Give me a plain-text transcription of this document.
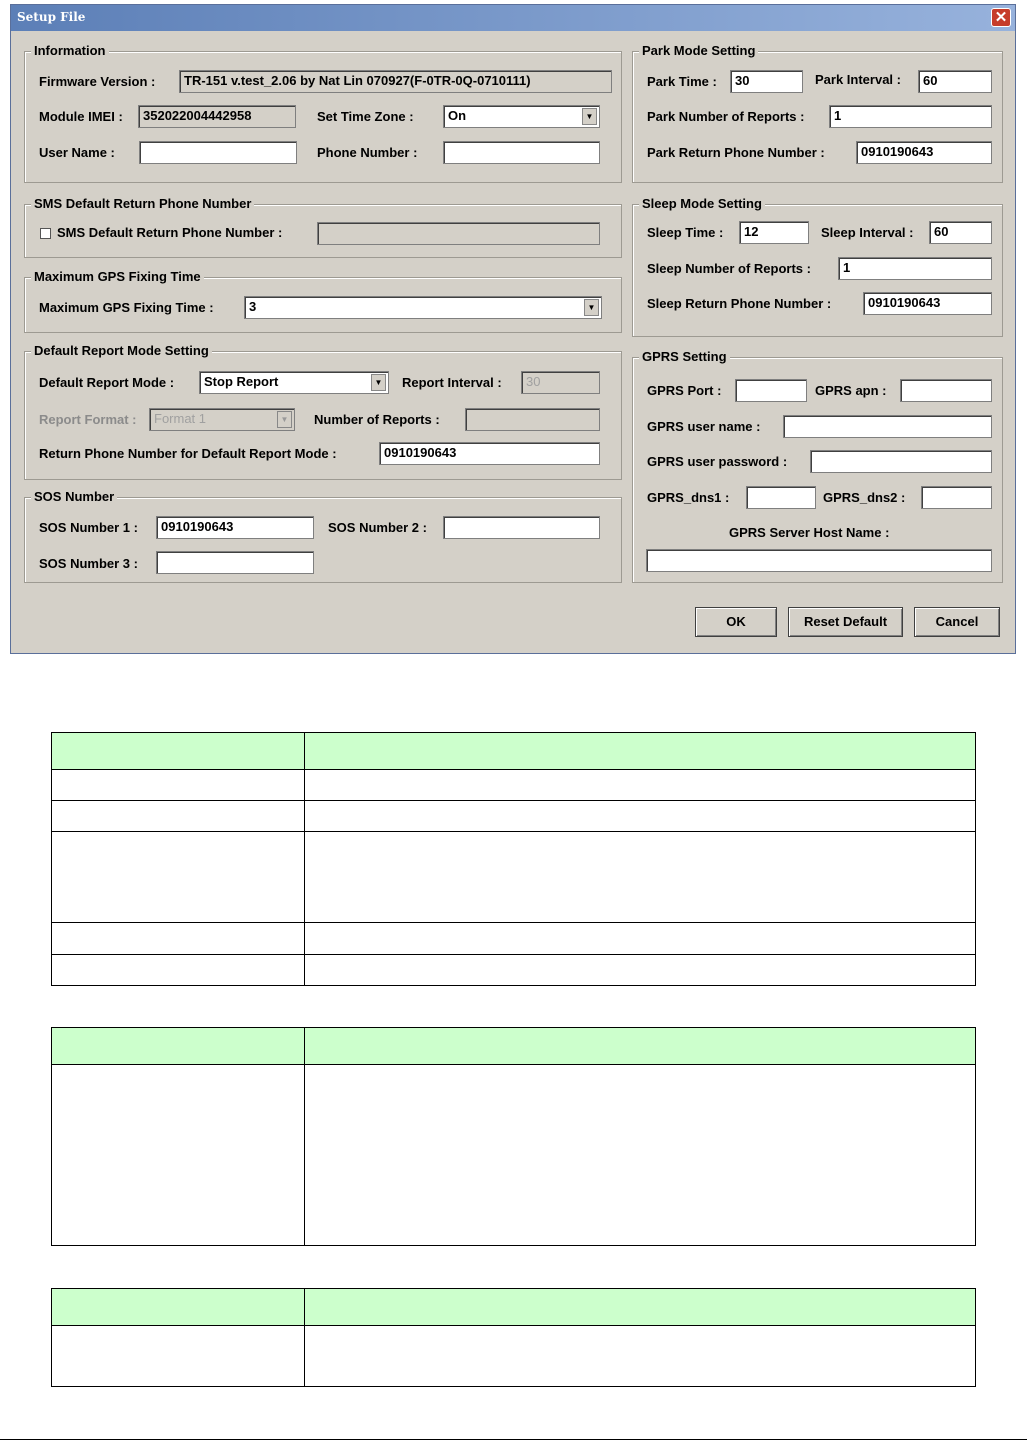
Setup File	✕
Information
Firmware Version :	TR-151 v.test_2.06 by Nat Lin 070927(F-0TR-0Q-0710111)
Module IMEI :	352022004442958	Set Time Zone :	On	▼
User Name :	Phone Number :
SMS Default Return Phone Number
SMS Default Return Phone Number :
Maximum GPS Fixing Time
Maximum GPS Fixing Time :	3	▼
Default Report Mode Setting
Default Report Mode :	Stop Report	▼ Report Interval :	30
Report Format :	Format 1	▼ Number of Reports :
Return Phone Number for Default Report Mode :	0910190643
SOS Number
SOS Number 1 :	0910190643	SOS Number 2 :
SOS Number 3 :
Park Mode Setting
Park Time :	30	Park Interval :	60
Park Number of Reports :	1
Park Return Phone Number :	0910190643
Sleep Mode Setting
Sleep Time :	12	Sleep Interval :	60
Sleep Number of Reports :	1
Sleep Return Phone Number :	0910190643
GPRS Setting
GPRS Port :	GPRS apn :
GPRS user name :
GPRS user password :
GPRS_dns1 :	GPRS_dns2 :
GPRS Server Host Name :
OK	Reset Default	Cancel
